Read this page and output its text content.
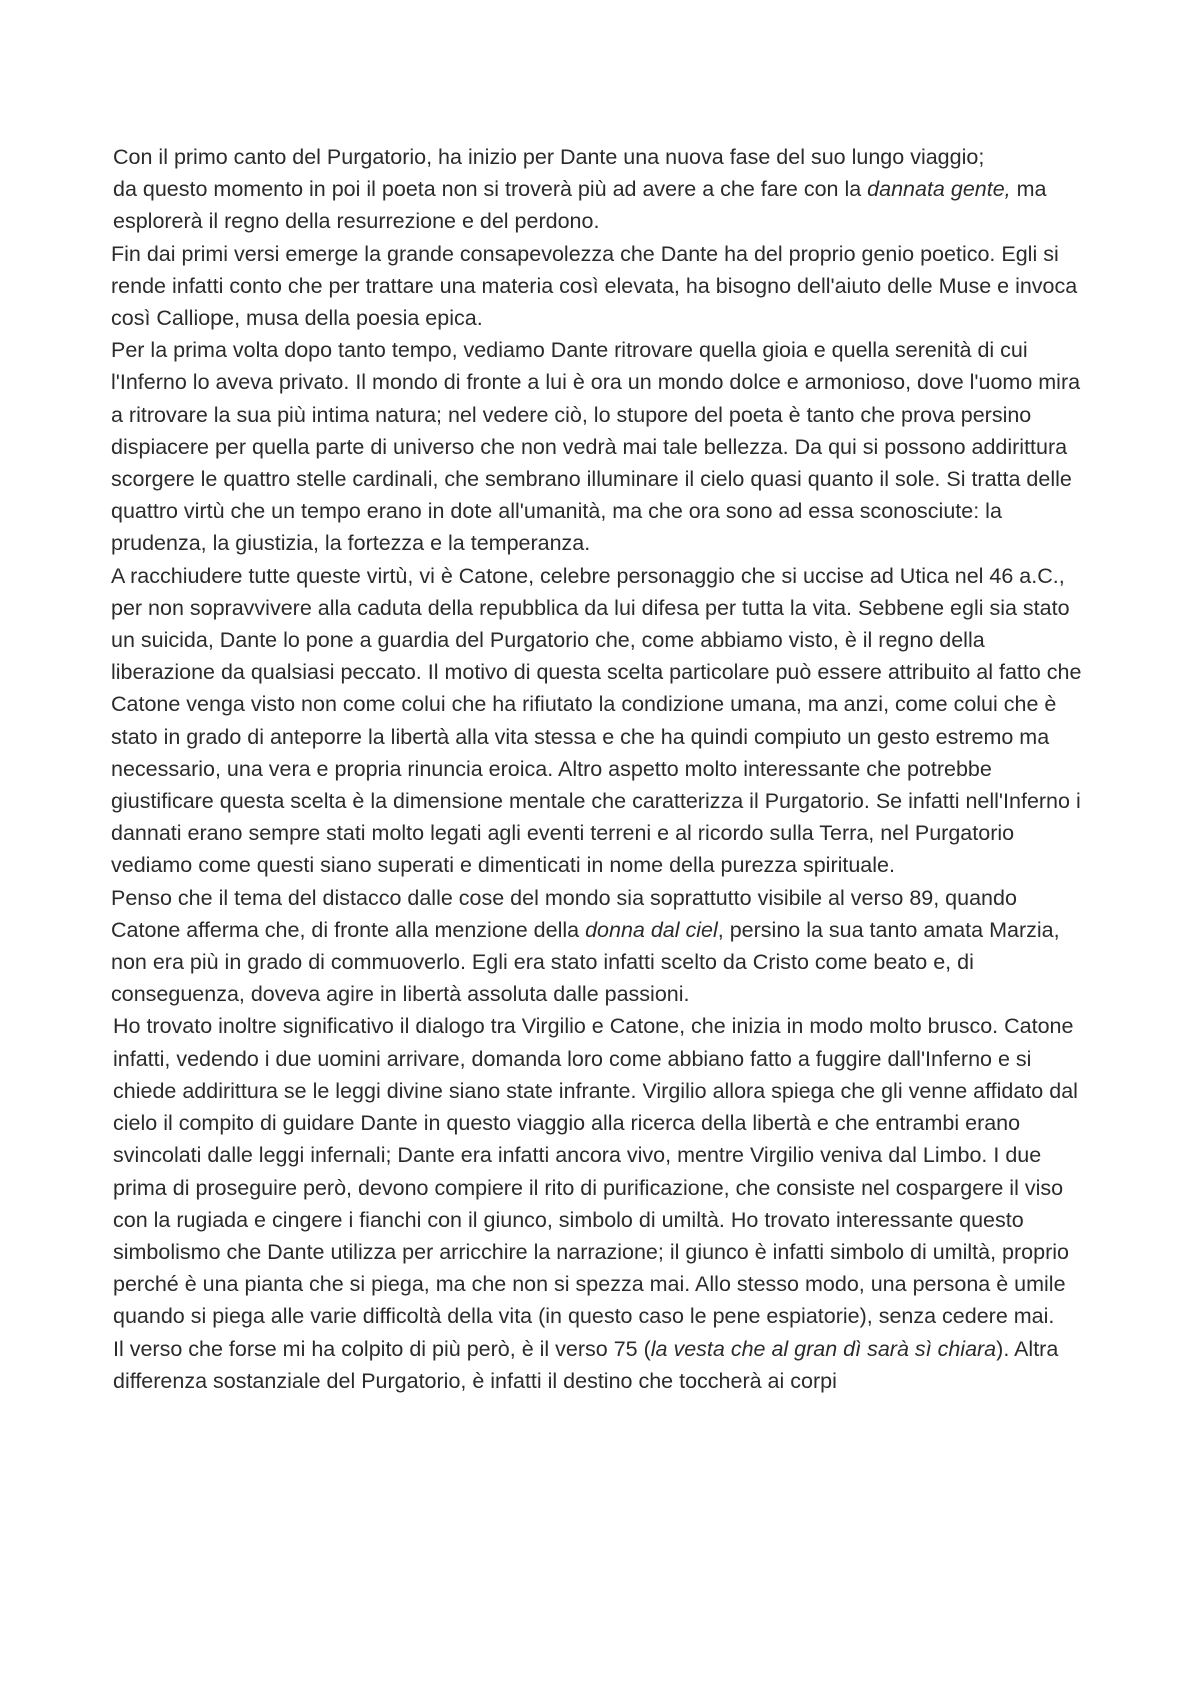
Con il primo canto del Purgatorio, ha inizio per Dante una nuova fase del suo lungo viaggio;

da questo momento in poi il poeta non si troverà più ad avere a che fare con la dannata gente, ma esplorerà il regno della resurrezione e del perdono.

Fin dai primi versi emerge la grande consapevolezza che Dante ha del proprio genio poetico. Egli si rende infatti conto che per trattare una materia così elevata, ha bisogno dell'aiuto delle Muse e invoca così Calliope, musa della poesia epica.

Per la prima volta dopo tanto tempo, vediamo Dante ritrovare quella gioia e quella serenità di cui l'Inferno lo aveva privato. Il mondo di fronte a lui è ora un mondo dolce e armonioso, dove l'uomo mira a ritrovare la sua più intima natura; nel vedere ciò, lo stupore del poeta è tanto che prova persino dispiacere per quella parte di universo che non vedrà mai tale bellezza. Da qui si possono addirittura scorgere le quattro stelle cardinali, che sembrano illuminare il cielo quasi quanto il sole. Si tratta delle quattro virtù che un tempo erano in dote all'umanità, ma che ora sono ad essa sconosciute: la prudenza, la giustizia, la fortezza e la temperanza.

A racchiudere tutte queste virtù, vi è Catone, celebre personaggio che si uccise ad Utica nel 46 a.C., per non sopravvivere alla caduta della repubblica da lui difesa per tutta la vita. Sebbene egli sia stato un suicida, Dante lo pone a guardia del Purgatorio che, come abbiamo visto, è il regno della liberazione da qualsiasi peccato. Il motivo di questa scelta particolare può essere attribuito al fatto che Catone venga visto non come colui che ha rifiutato la condizione umana, ma anzi, come colui che è stato in grado di anteporre la libertà alla vita stessa e che ha quindi compiuto un gesto estremo ma necessario, una vera e propria rinuncia eroica. Altro aspetto molto interessante che potrebbe giustificare questa scelta è la dimensione mentale che caratterizza il Purgatorio. Se infatti nell'Inferno i dannati erano sempre stati molto legati agli eventi terreni e al ricordo sulla Terra, nel Purgatorio vediamo come questi siano superati e dimenticati in nome della purezza spirituale.

Penso che il tema del distacco dalle cose del mondo sia soprattutto visibile al verso 89, quando Catone afferma che, di fronte alla menzione della donna dal ciel, persino la sua tanto amata Marzia, non era più in grado di commuoverlo. Egli era stato infatti scelto da Cristo come beato e, di conseguenza, doveva agire in libertà assoluta dalle passioni.

Ho trovato inoltre significativo il dialogo tra Virgilio e Catone, che inizia in modo molto brusco. Catone infatti, vedendo i due uomini arrivare, domanda loro come abbiano fatto a fuggire dall'Inferno e si chiede addirittura se le leggi divine siano state infrante. Virgilio allora spiega che gli venne affidato dal cielo il compito di guidare Dante in questo viaggio alla ricerca della libertà e che entrambi erano svincolati dalle leggi infernali; Dante era infatti ancora vivo, mentre Virgilio veniva dal Limbo. I due prima di proseguire però, devono compiere il rito di purificazione, che consiste nel cospargere il viso con la rugiada e cingere i fianchi con il giunco, simbolo di umiltà. Ho trovato interessante questo simbolismo che Dante utilizza per arricchire la narrazione; il giunco è infatti simbolo di umiltà, proprio perché è una pianta che si piega, ma che non si spezza mai. Allo stesso modo, una persona è umile quando si piega alle varie difficoltà della vita (in questo caso le pene espiatorie), senza cedere mai.

Il verso che forse mi ha colpito di più però, è il verso 75 (la vesta che al gran dì sarà sì chiara). Altra differenza sostanziale del Purgatorio, è infatti il destino che toccherà ai corpi
